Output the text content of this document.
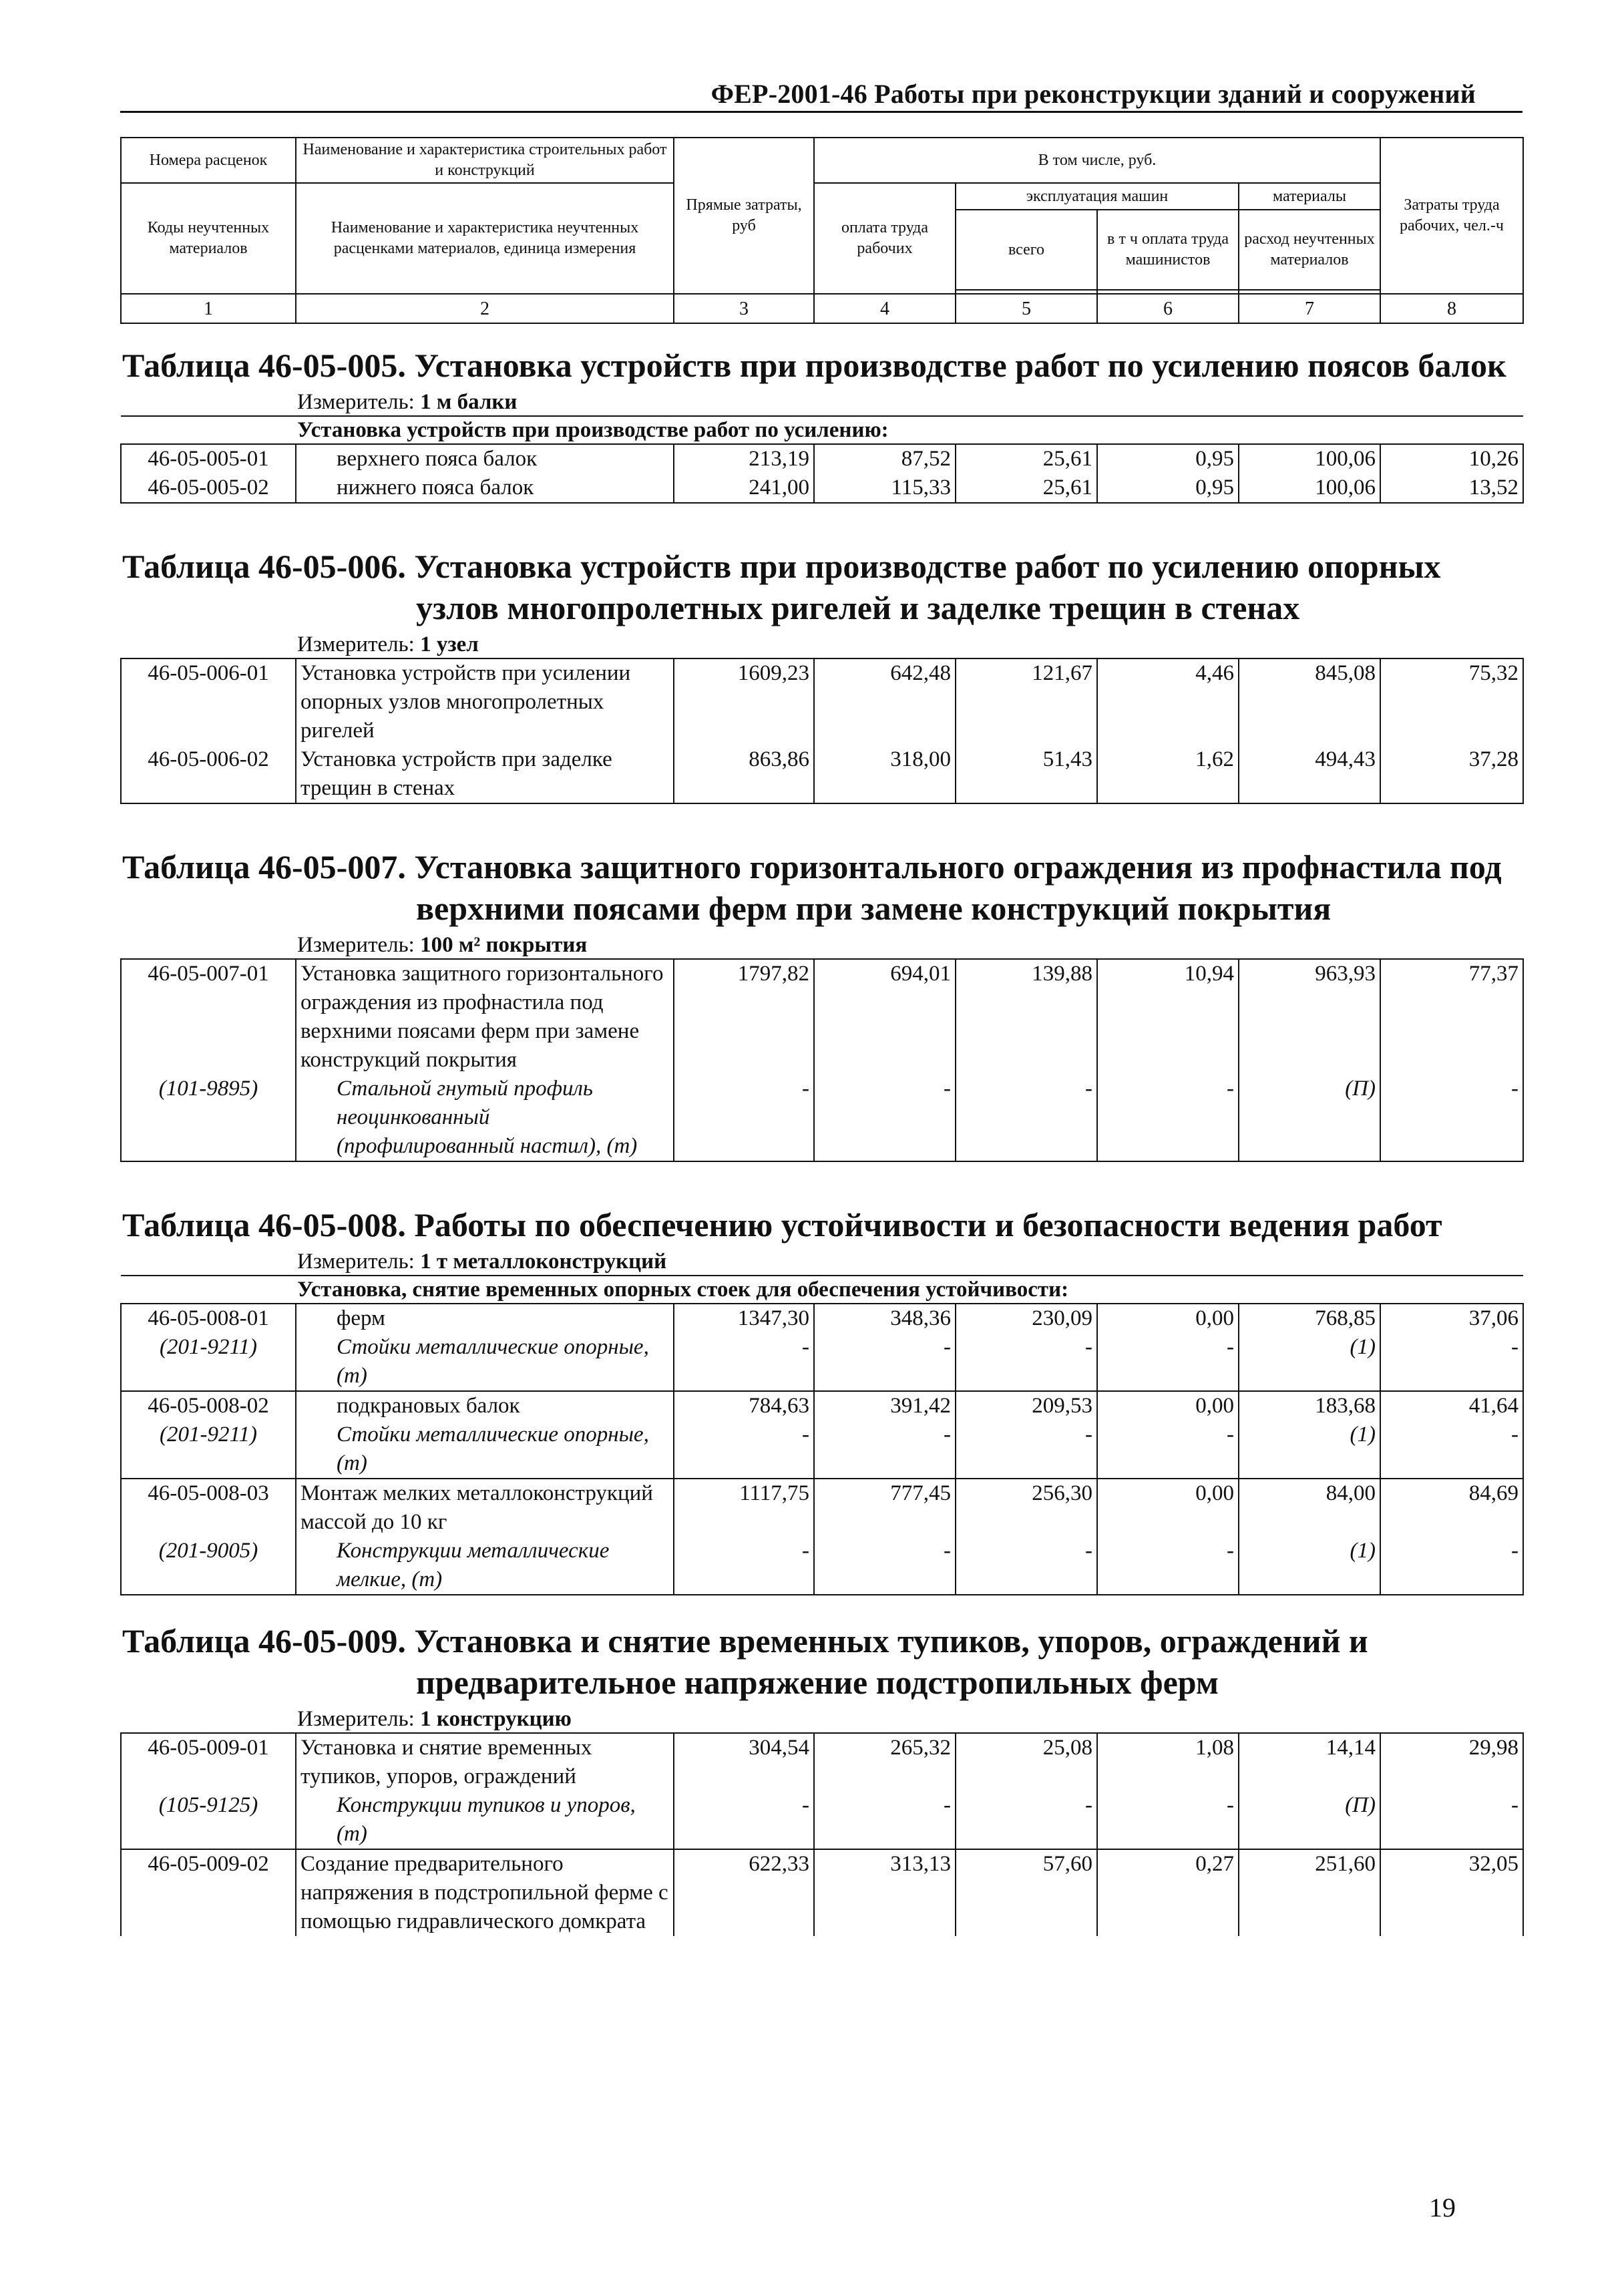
ФЕР-2001-46 Работы при реконструкции зданий и сооружений
Номера расценок	Наименование и характеристика строительных работ и конструкций	Прямые затраты, руб	В том числе, руб.				Затраты труда рабочих, чел.-ч
Коды неучтенных материалов	Наименование и характеристика неучтенных расценками материалов, единица измерения		оплата труда рабочих	эксплуатация машин		материалы	
				всего	в т ч оплата труда машинистов	расход неучтенных материалов	

1	2	3	4	5	6	7	8

Таблица 46-05-005. Установка устройств при производстве работ по усилению поясов балок							
	Измеритель: 1 м балки						
	Установка устройств при производстве работ по усилению:						
46-05-005-01	верхнего пояса балок	213,19	87,52	25,61	0,95	100,06	10,26
46-05-005-02	нижнего пояса балок	241,00	115,33	25,61	0,95	100,06	13,52

Таблица 46-05-006. Установка устройств при производстве работ по усилению опорных
узлов многопролетных ригелей и заделке трещин в стенах							

	Измеритель: 1 узел						
46-05-006-01	Установка устройств при усилении опорных узлов многопролетных ригелей	1609,23	642,48	121,67	4,46	845,08	75,32
46-05-006-02	Установка устройств при заделке трещин в стенах	863,86	318,00	51,43	1,62	494,43	37,28

Таблица 46-05-007. Установка защитного горизонтального ограждения из профнастила под
верхними поясами ферм при замене конструкций покрытия							

	Измеритель: 100 м² покрытия						
46-05-007-01	Установка защитного горизонтального ограждения из профнастила под верхними поясами ферм при замене конструкций покрытия	1797,82	694,01	139,88	10,94	963,93	77,37
(101-9895)	Стальной гнутый профиль неоцинкованный (профилированный настил), (т)	-	-	-	-	(П)	-

Таблица 46-05-008. Работы по обеспечению устойчивости и безопасности ведения работ							
	Измеритель: 1 т металлоконструкций						
	Установка, снятие временных опорных стоек для обеспечения устойчивости:						
46-05-008-01	ферм	1347,30	348,36	230,09	0,00	768,85	37,06
(201-9211)	Стойки металлические опорные, (т)	-	-	-	-	(1)	-
46-05-008-02	подкрановых балок	784,63	391,42	209,53	0,00	183,68	41,64
(201-9211)	Стойки металлические опорные, (т)	-	-	-	-	(1)	-
46-05-008-03	Монтаж мелких металлоконструкций массой до 10 кг	1117,75	777,45	256,30	0,00	84,00	84,69
(201-9005)	Конструкции металлические мелкие, (т)	-	-	-	-	(1)	-

Таблица 46-05-009. Установка и снятие временных тупиков, упоров, ограждений и
предварительное напряжение подстропильных ферм							

	Измеритель: 1 конструкцию						
46-05-009-01	Установка и снятие временных тупиков, упоров, ограждений	304,54	265,32	25,08	1,08	14,14	29,98
(105-9125)	Конструкции тупиков и упоров, (т)	-	-	-	-	(П)	-
46-05-009-02	Создание предварительного напряжения в подстропильной ферме с помощью гидравлического домкрата	622,33	313,13	57,60	0,27	251,60	32,05
19
